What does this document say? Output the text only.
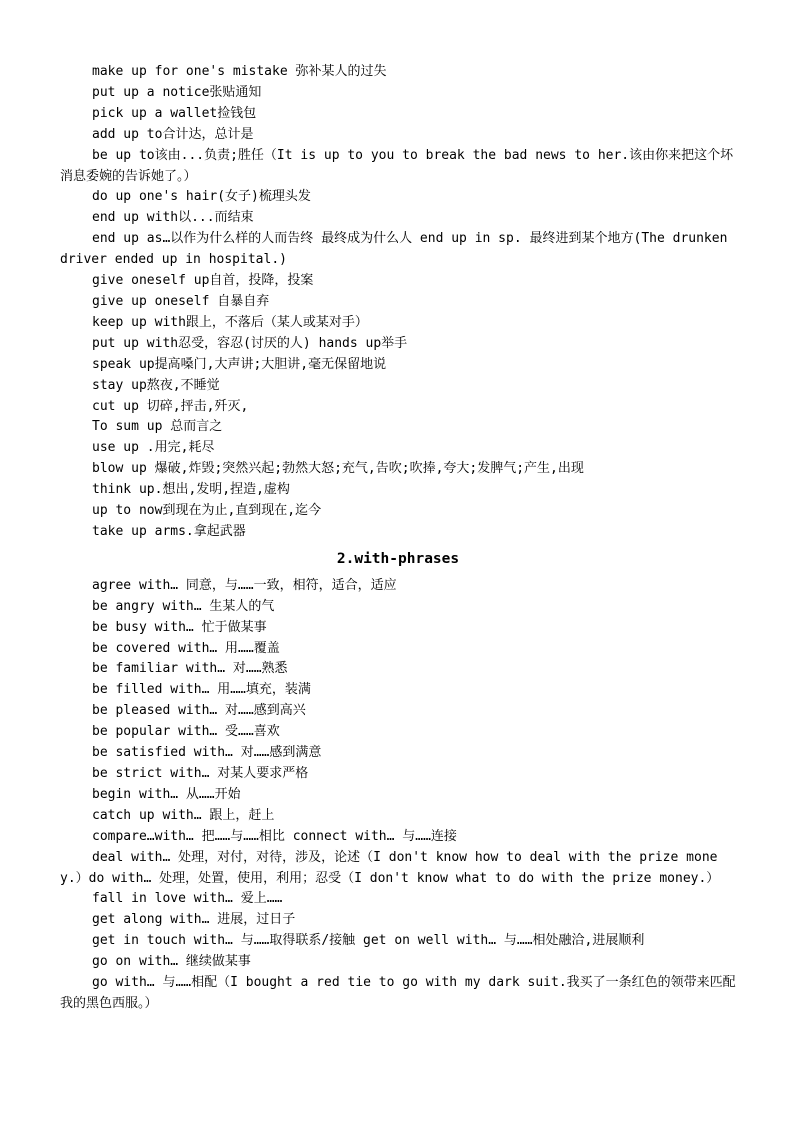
make up for one's mistake 弥补某人的过失

put up a notice张贴通知

pick up a wallet捡钱包

add up to合计达，总计是

be up to该由...负责;胜任（It is up to you to break the bad news to her.该由你来把这个坏消息委婉的告诉她了。）

do up one's hair(女子)梳理头发

end up with以...而结束

end up as…以作为什么样的人而告终 最终成为什么人 end up in sp. 最终进到某个地方(The drunken driver ended up in hospital.)

give oneself up自首，投降，投案

give up oneself 自暴自弃

keep up with跟上，不落后（某人或某对手）

put up with忍受，容忍(讨厌的人) hands up举手

speak up提高嗓门,大声讲;大胆讲,毫无保留地说

stay up熬夜,不睡觉

cut up 切碎,抨击,歼灭,

To sum up 总而言之

use up .用完,耗尽

blow up 爆破,炸毁;突然兴起;勃然大怒;充气,告吹;吹捧,夸大;发脾气;产生,出现

think up.想出,发明,捏造,虚构

up to now到现在为止,直到现在,迄今

take up arms.拿起武器

2.with-phrases

agree with… 同意，与……一致，相符，适合，适应

be angry with… 生某人的气

be busy with… 忙于做某事

be covered with… 用……覆盖

be familiar with… 对……熟悉

be filled with… 用……填充，装满

be pleased with… 对……感到高兴

be popular with… 受……喜欢

be satisfied with… 对……感到满意

be strict with… 对某人要求严格

begin with… 从……开始

catch up with… 跟上，赶上

compare…with… 把……与……相比 connect with… 与……连接

deal with… 处理，对付，对待，涉及，论述（I don't know how to deal with the prize money.）do with… 处理，处置，使用，利用；忍受（I don't know what to do with the prize money.）

fall in love with… 爱上……

get along with… 进展，过日子

get in touch with… 与……取得联系/接触 get on well with… 与……相处融洽,进展顺利

go on with… 继续做某事

go with… 与……相配（I bought a red tie to go with my dark suit.我买了一条红色的领带来匹配我的黑色西服。）
